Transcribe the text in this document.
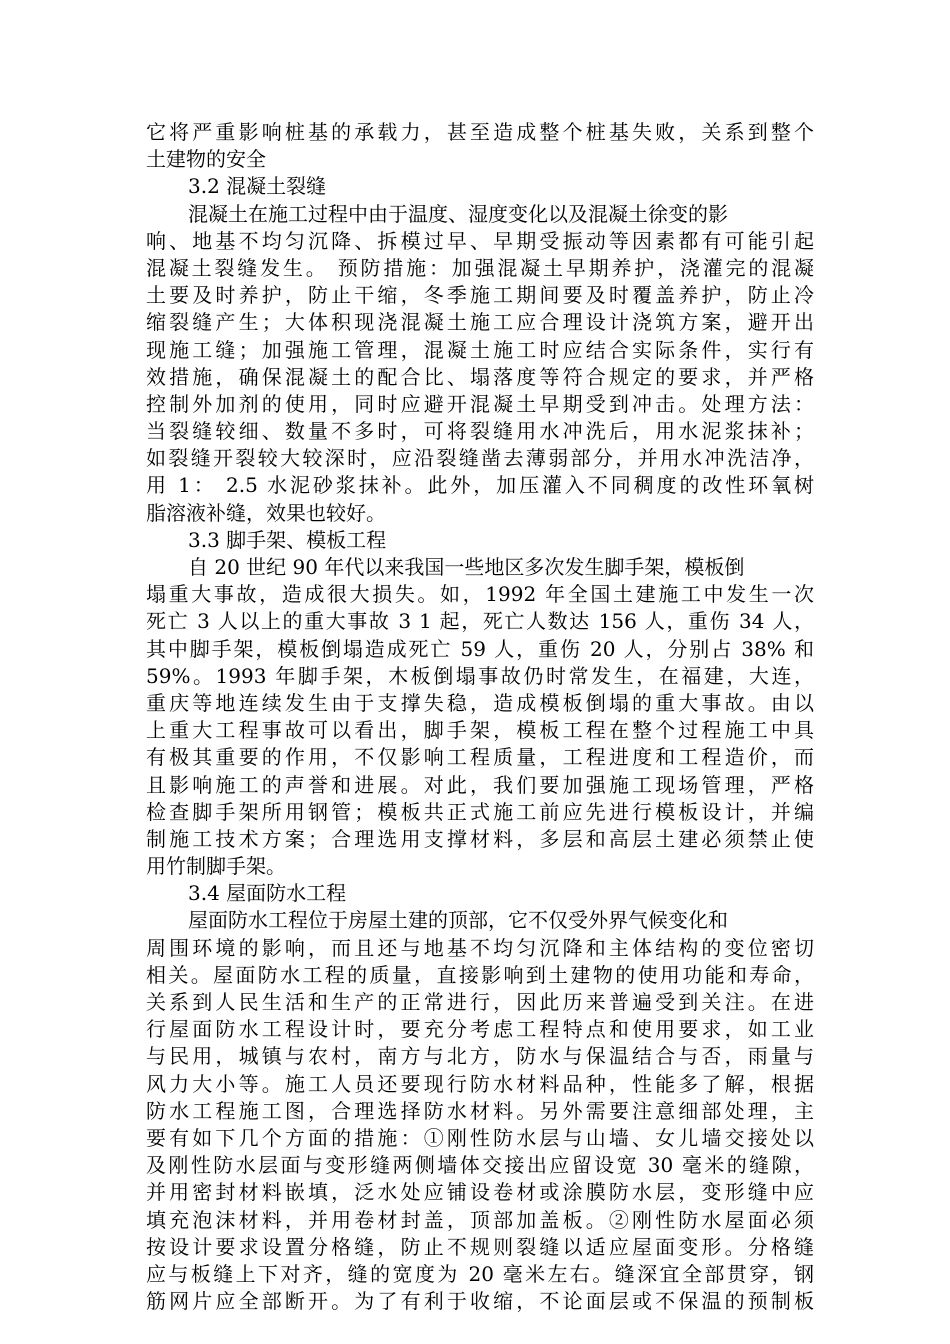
它将严重影响桩基的承载力，甚至造成整个桩基失败，关系到整个
土建物的安全
3.2 混凝土裂缝
混凝土在施工过程中由于温度、湿度变化以及混凝土徐变的影
响、地基不均匀沉降、拆模过早、早期受振动等因素都有可能引起
混凝土裂缝发生。 预防措施：加强混凝土早期养护，浇灌完的混凝
土要及时养护，防止干缩，冬季施工期间要及时覆盖养护，防止冷
缩裂缝产生；大体积现浇混凝土施工应合理设计浇筑方案，避开出
现施工缝；加强施工管理，混凝土施工时应结合实际条件，实行有
效措施，确保混凝土的配合比、塌落度等符合规定的要求，并严格
控制外加剂的使用，同时应避开混凝土早期受到冲击。处理方法：
当裂缝较细、数量不多时，可将裂缝用水冲洗后，用水泥浆抹补；
如裂缝开裂较大较深时，应沿裂缝凿去薄弱部分，并用水冲洗洁净，
用 1： 2.5 水泥砂浆抹补。此外，加压灌入不同稠度的改性环氧树
脂溶液补缝，效果也较好。
3.3 脚手架、模板工程
自 20 世纪 90 年代以来我国一些地区多次发生脚手架，模板倒
塌重大事故，造成很大损失。如，1992 年全国土建施工中发生一次
死亡 3 人以上的重大事故 3 1 起，死亡人数达 156 人，重伤 34 人，
其中脚手架，模板倒塌造成死亡 59 人，重伤 20 人，分别占 38% 和
59%。1993 年脚手架，木板倒塌事故仍时常发生，在福建，大连，
重庆等地连续发生由于支撑失稳，造成模板倒塌的重大事故。由以
上重大工程事故可以看出，脚手架，模板工程在整个过程施工中具
有极其重要的作用，不仅影响工程质量，工程进度和工程造价，而
且影响施工的声誉和进展。对此，我们要加强施工现场管理，严格
检查脚手架所用钢管；模板共正式施工前应先进行模板设计，并编
制施工技术方案；合理选用支撑材料，多层和高层土建必须禁止使
用竹制脚手架。
3.4 屋面防水工程
屋面防水工程位于房屋土建的顶部，它不仅受外界气候变化和
周围环境的影响，而且还与地基不均匀沉降和主体结构的变位密切
相关。屋面防水工程的质量，直接影响到土建物的使用功能和寿命，
关系到人民生活和生产的正常进行，因此历来普遍受到关注。在进
行屋面防水工程设计时，要充分考虑工程特点和使用要求，如工业
与民用，城镇与农村，南方与北方，防水与保温结合与否，雨量与
风力大小等。施工人员还要现行防水材料品种，性能多了解，根据
防水工程施工图，合理选择防水材料。另外需要注意细部处理，主
要有如下几个方面的措施：①刚性防水层与山墙、女儿墙交接处以
及刚性防水层面与变形缝两侧墙体交接出应留设宽 30 毫米的缝隙，
并用密封材料嵌填，泛水处应铺设卷材或涂膜防水层，变形缝中应
填充泡沫材料，并用卷材封盖，顶部加盖板。②刚性防水屋面必须
按设计要求设置分格缝，防止不规则裂缝以适应屋面变形。分格缝
应与板缝上下对齐，缝的宽度为 20 毫米左右。缝深宜全部贯穿，钢
筋网片应全部断开。为了有利于收缩，不论面层或不保温的预制板
